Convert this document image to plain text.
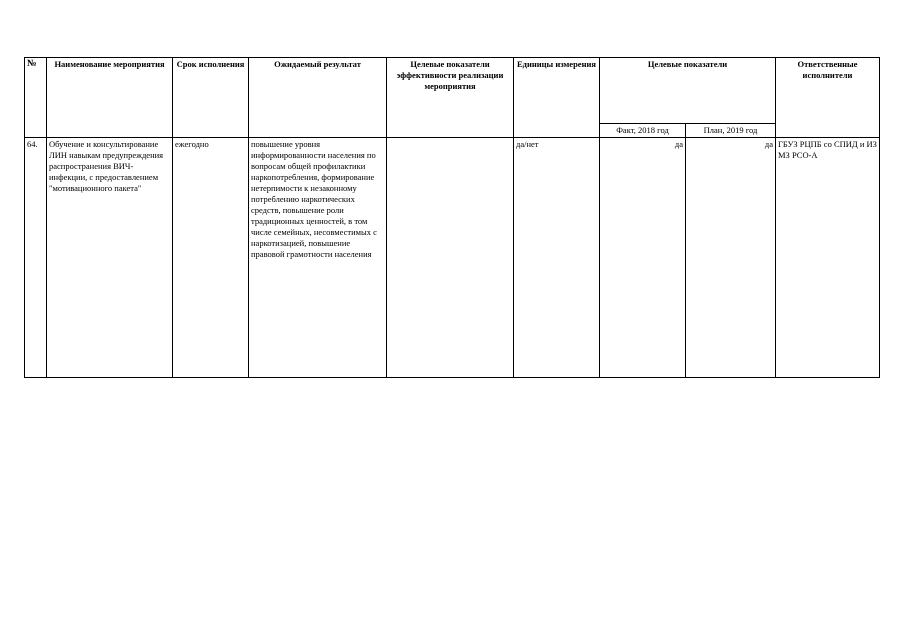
№	Наименование мероприятия	Срок исполнения	Ожидаемый результат	Целевые показатели эффективности реализации мероприятия	Единицы измерения	Целевые показатели		Ответственные исполнители
						Факт, 2018 год	План, 2019 год	
64.	Обучение и консультирование ЛИН навыкам предупреждения распространения ВИЧ-инфекции, с предоставлением "мотивационного пакета"	ежегодно	повышение уровня информированности населения по вопросам общей профилактики наркопотребления, формирование нетерпимости к незаконному потреблению наркотических средств, повышение роли традиционных ценностей, в том числе семейных, несовместимых с наркотизацией, повышение правовой грамотности населения		да/нет	да	да	ГБУЗ РЦПБ со СПИД и ИЗ МЗ РСО-А
